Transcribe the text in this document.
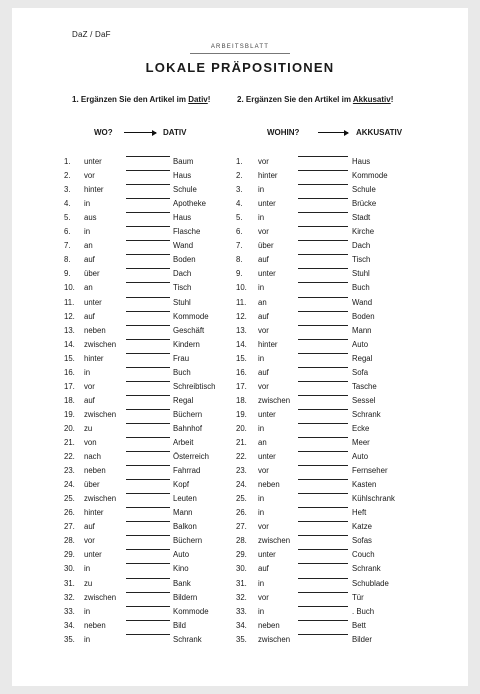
DaZ / DaF
ARBEITSBLATT
LOKALE PRÄPOSITIONEN
1. Ergänzen Sie den Artikel im Dativ!	2. Ergänzen Sie den Artikel im Akkusativ!
WO?	DATIV	WOHIN?	AKKUSATIV
1. unter	Baum
2. vor	Haus
3. hinter	Schule
4. in	Apotheke
5. aus	Haus
6. in	Flasche
7. an	Wand
8. auf	Boden
9. über	Dach
10. an	Tisch
11. unter	Stuhl
12. auf	Kommode
13. neben	Geschäft
14. zwischen	Kindern
15. hinter	Frau
16. in	Buch
17. vor	Schreibtisch
18. auf	Regal
19. zwischen	Büchern
20. zu	Bahnhof
21. von	Arbeit
22. nach	Österreich
23. neben	Fahrrad
24. über	Kopf
25. zwischen	Leuten
26. hinter	Mann
27. auf	Balkon
28. vor	Büchern
29. unter	Auto
30. in	Kino
31. zu	Bank
32. zwischen	Bildern
33. in	Kommode
34. neben	Bild
35. in	Schrank
1. vor	Haus
2. hinter	Kommode
3. in	Schule
4. unter	Brücke
5. in	Stadt
6. vor	Kirche
7. über	Dach
8. auf	Tisch
9. unter	Stuhl
10. in	Buch
11. an	Wand
12. auf	Boden
13. vor	Mann
14. hinter	Auto
15. in	Regal
16. auf	Sofa
17. vor	Tasche
18. zwischen	Sessel
19. unter	Schrank
20. in	Ecke
21. an	Meer
22. unter	Auto
23. vor	Fernseher
24. neben	Kasten
25. in	Kühlschrank
26. in	Heft
27. vor	Katze
28. zwischen	Sofas
29. unter	Couch
30. auf	Schrank
31. in	Schublade
32. vor	Tür
33. in	. Buch
34. neben	Bett
35. zwischen	Bilder
